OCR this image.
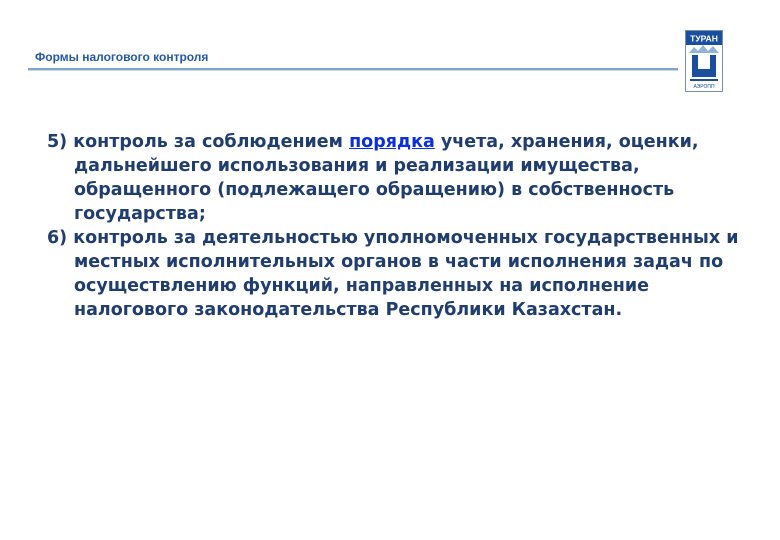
Формы налогового контроля
ТУРАН
АЭРОПП

5) контроль за соблюдением порядка учета, хранения, оценки, дальнейшего использования и реализации имущества, обращенного (подлежащего обращению) в собственность государства;

6) контроль за деятельностью уполномоченных государственных и местных исполнительных органов в части исполнения задач по осуществлению функций, направленных на исполнение налогового законодательства Республики Казахстан.
